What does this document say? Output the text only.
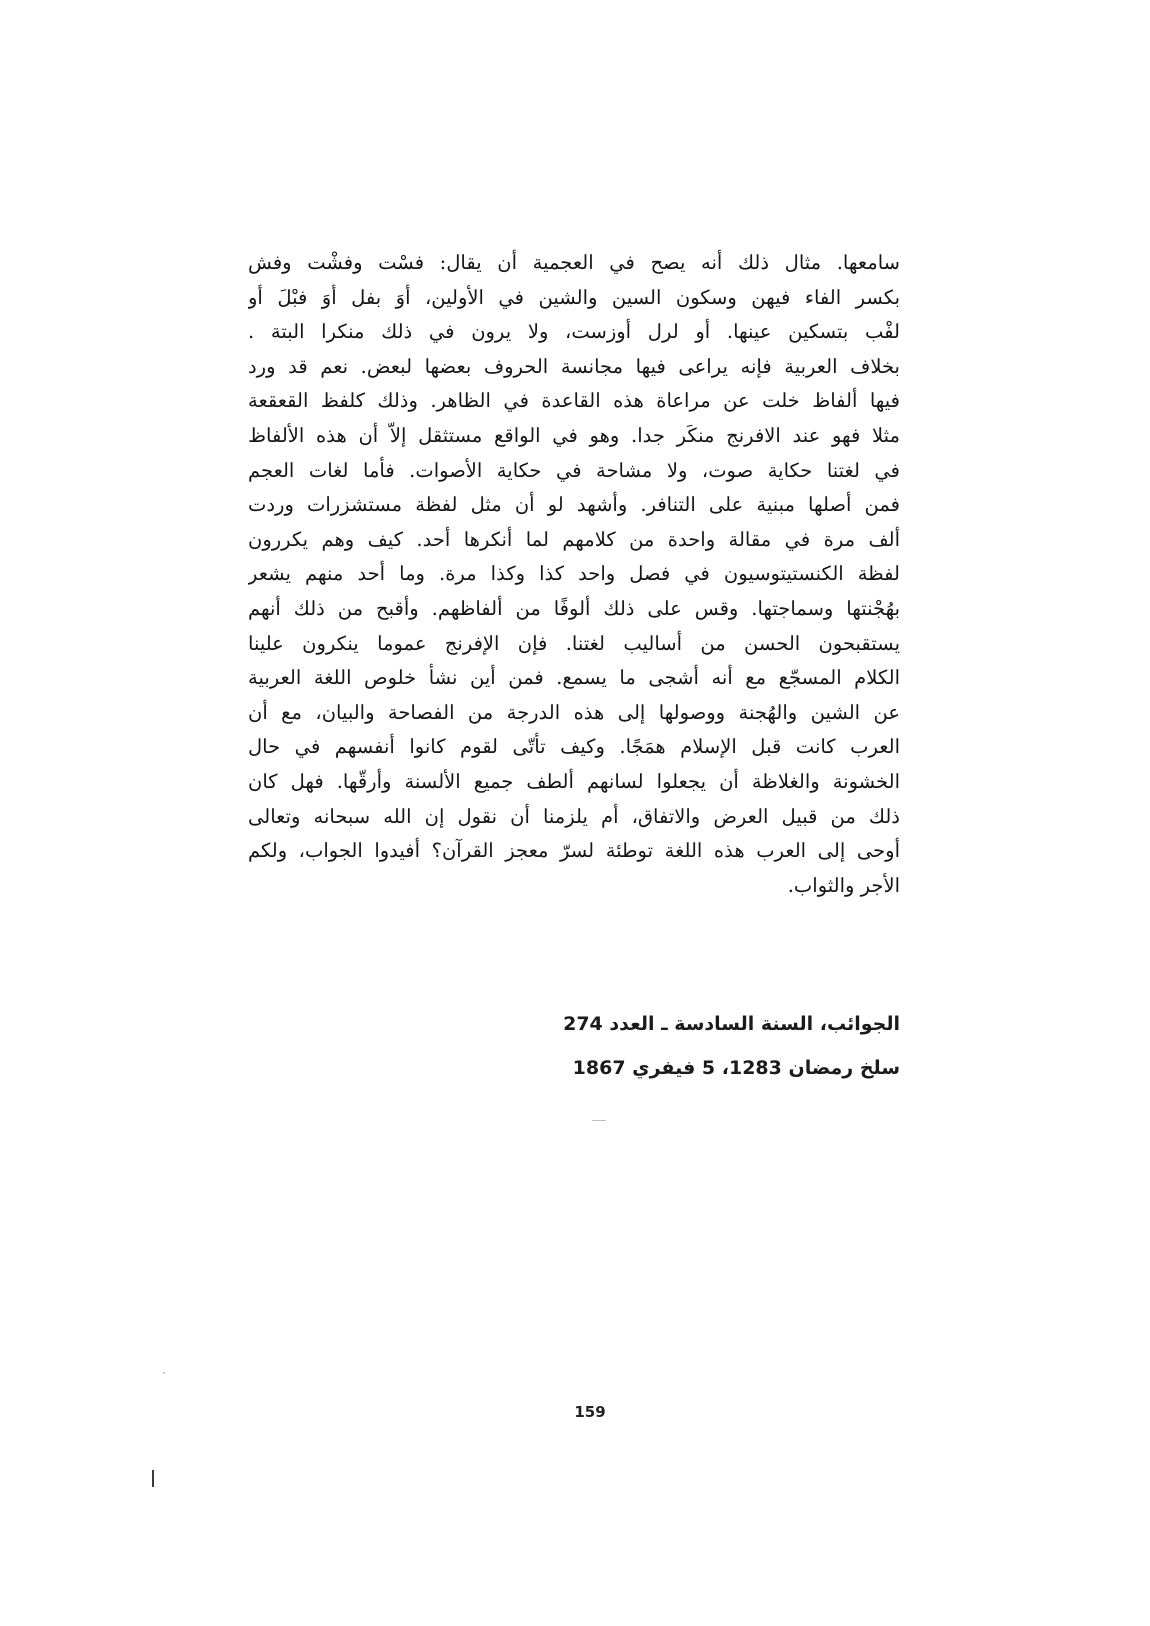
سامعها. مثال ذلك أنه يصح في العجمية أن يقال: فسْت وفشْت وفش
بكسر الفاء فيهن وسكون السين والشين في الأولين، أوَ بفل أوَ فبْلَ أو
لفْب بتسكين عينها. أو لرل أوزست، ولا يرون في ذلك منكرا البتة .
بخلاف العربية فإنه يراعى فيها مجانسة الحروف بعضها لبعض. نعم قد ورد
فيها ألفاظ خلت عن مراعاة هذه القاعدة في الظاهر. وذلك كلفظ القعقعة
مثلا فهو عند الافرنج منكَر جدا. وهو في الواقع مستثقل إلاّ أن هذه الألفاظ
في لغتنا حكاية صوت، ولا مشاحة في حكاية الأصوات. فأما لغات العجم
فمن أصلها مبنية على التنافر. وأشهد لو أن مثل لفظة مستشزرات وردت
ألف مرة في مقالة واحدة من كلامهم لما أنكرها أحد. كيف وهم يكررون
لفظة الكنستيتوسيون في فصل واحد كذا وكذا مرة. وما أحد منهم يشعر
بهُجْنتها وسماجتها. وقس على ذلك ألوفًا من ألفاظهم. وأقبح من ذلك أنهم
يستقبحون الحسن من أساليب لغتنا. فإن الإفرنج عموما ينكرون علينا
الكلام المسجّع مع أنه أشجى ما يسمع. فمن أين نشأ خلوص اللغة العربية
عن الشين والهُجنة ووصولها إلى هذه الدرجة من الفصاحة والبيان، مع أن
العرب كانت قبل الإسلام همَجًا. وكيف تأتّى لقوم كانوا أنفسهم في حال
الخشونة والغلاظة أن يجعلوا لسانهم ألطف جميع الألسنة وأرقّها. فهل كان
ذلك من قبيل العرض والاتفاق، أم يلزمنا أن نقول إن الله سبحانه وتعالى
أوحى إلى العرب هذه اللغة توطئة لسرّ معجز القرآن؟ أفيدوا الجواب، ولكم
الأجر والثواب.
الجوائب، السنة السادسة ـ العدد 274
سلخ رمضان 1283، 5 فيفري 1867
159
